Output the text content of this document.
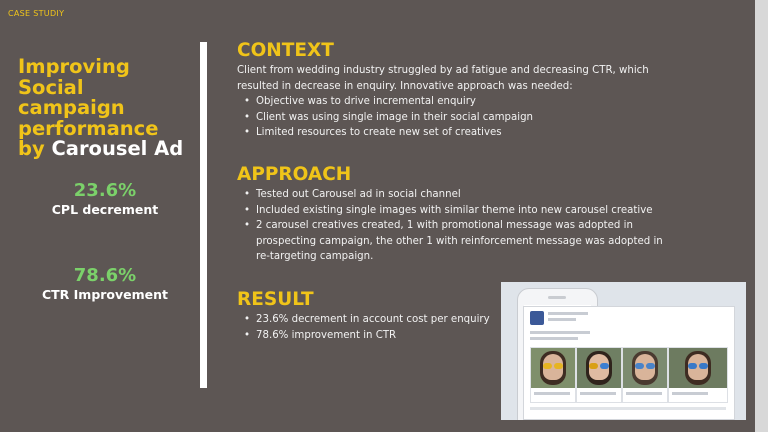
CASE STUDIY
Improving
Social
campaign
performance
by Carousel Ad
23.6%
CPL decrement
78.6%
CTR Improvement
CONTEXT
Client from wedding industry struggled by ad fatigue and decreasing CTR, which resulted in decrease in enquiry. Innovative approach was needed:
• Objective was to drive incremental enquiry
• Client was using single image in their social campaign
• Limited resources to create new set of creatives
APPROACH
• Tested out Carousel ad in social channel
• Included existing single images with similar theme into new carousel creative
• 2 carousel creatives created, 1 with promotional message was adopted in prospecting campaign, the other 1 with reinforcement message was adopted in re-targeting campaign.
RESULT
• 23.6% decrement in account cost per enquiry
• 78.6% improvement in CTR
